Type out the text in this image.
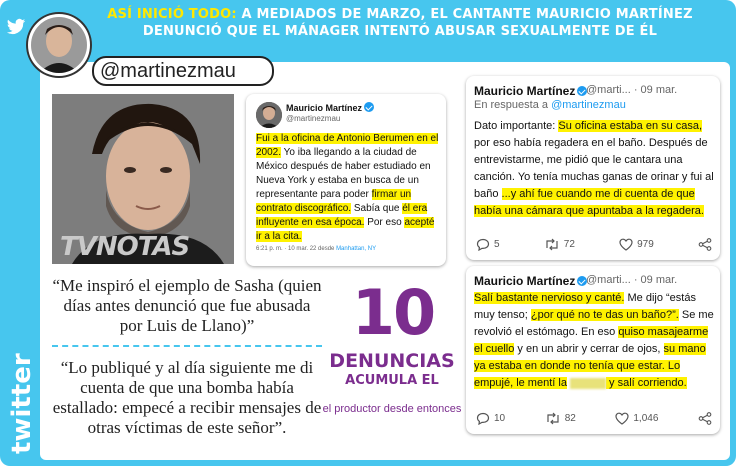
ASÍ INICIÓ TODO: A MEDIADOS DE MARZO, EL CANTANTE MAURICIO MARTÍNEZ DENUNCIÓ QUE EL MÁNAGER INTENTÓ ABUSAR SEXUALMENTE DE ÉL
@martinezmau
twitter
TVNOTAS
Mauricio Martínez
@martinezmau
Fui a la oficina de Antonio Berumen en el 2002. Yo iba llegando a la ciudad de México después de haber estudiado en Nueva York y estaba en busca de un representante para poder firmar un contrato discográfico. Sabía que él era influyente en esa época. Por eso acepté ir a la cita.
6:21 p. m. · 10 mar. 22 desde Manhattan, NY
Mauricio Martínez @marti... · 09 mar.
En respuesta a @martinezmau
Dato importante: Su oficina estaba en su casa, por eso había regadera en el baño. Después de entrevistarme, me pidió que le cantara una canción. Yo tenía muchas ganas de orinar y fui al baño ...y ahí fue cuando me di cuenta de que había una cámara que apuntaba a la regadera.
5	72	979
Mauricio Martínez @marti... · 09 mar.
Salí bastante nervioso y canté. Me dijo “estás muy tenso; ¿por qué no te das un baño?”. Se me revolvió el estómago. En eso quiso masajearme el cuello y en un abrir y cerrar de ojos, su mano ya estaba en donde no tenía que estar. Lo empujé, le mentí la	y salí corriendo.
10	82	1,046
“Me inspiró el ejemplo de Sasha (quien días antes denunció que fue abusada por Luis de Llano)”
“Lo publiqué y al día siguiente me di cuenta de que una bomba había estallado: empecé a recibir mensajes de otras víctimas de este señor”.
10
DENUNCIAS
ACUMULA EL
el productor desde entonces
